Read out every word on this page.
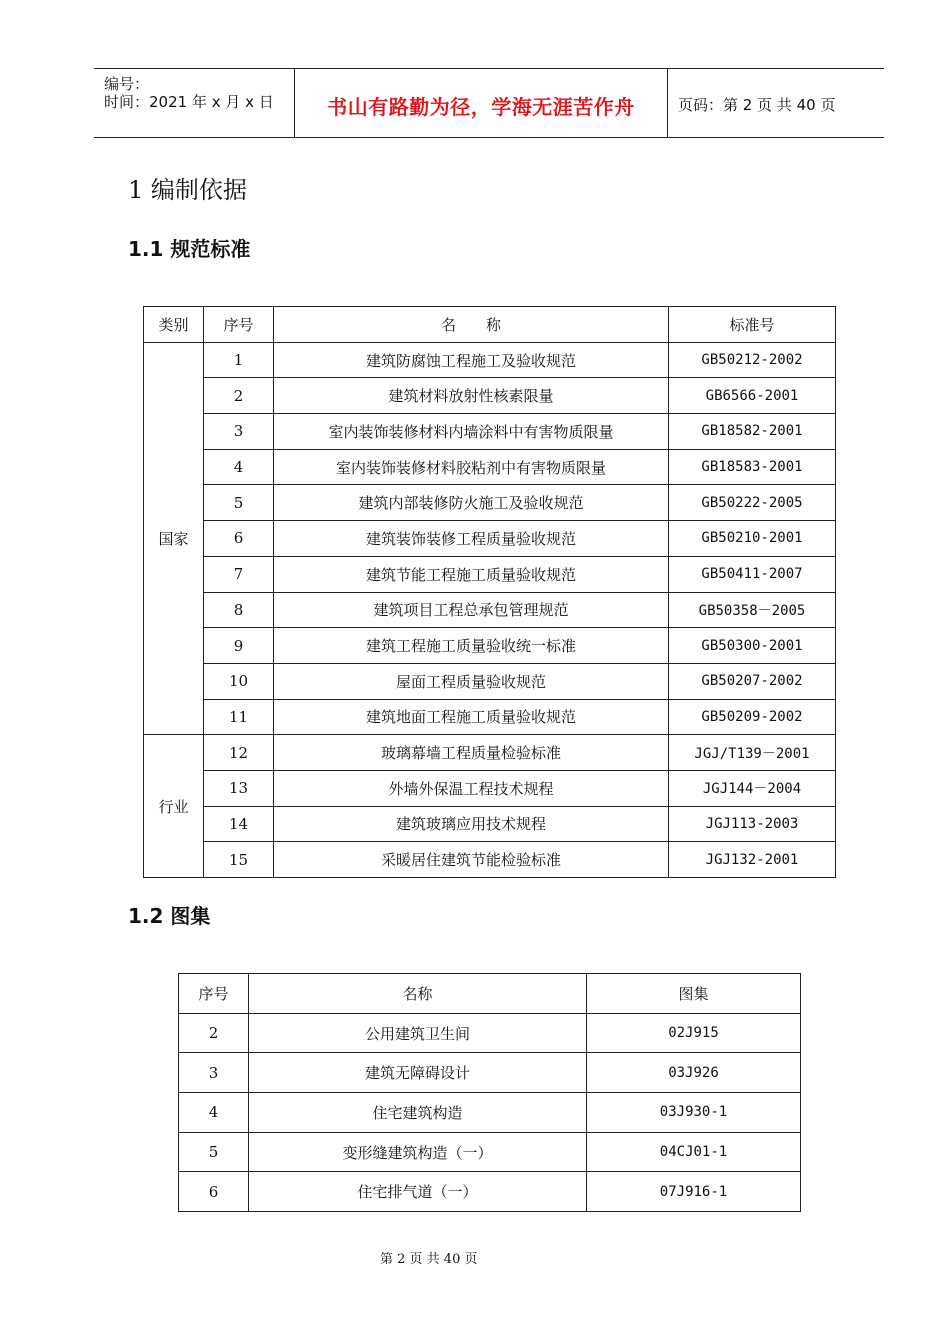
编号：
时间：2021 年 x 月 x 日	书山有路勤为径，学海无涯苦作舟	页码：第 2 页 共 40 页
1 编制依据
1.1 规范标准
类别	序号	名　　称	标准号
国家	1	建筑防腐蚀工程施工及验收规范	GB50212-2002
	2	建筑材料放射性核素限量	GB6566-2001
	3	室内装饰装修材料内墙涂料中有害物质限量	GB18582-2001
	4	室内装饰装修材料胶粘剂中有害物质限量	GB18583-2001
	5	建筑内部装修防火施工及验收规范	GB50222-2005
	6	建筑装饰装修工程质量验收规范	GB50210-2001
	7	建筑节能工程施工质量验收规范	GB50411-2007
	8	建筑项目工程总承包管理规范	GB50358－2005
	9	建筑工程施工质量验收统一标准	GB50300-2001
	10	屋面工程质量验收规范	GB50207-2002
	11	建筑地面工程施工质量验收规范	GB50209-2002
行业	12	玻璃幕墙工程质量检验标准	JGJ/T139－2001
	13	外墙外保温工程技术规程	JGJ144－2004
	14	建筑玻璃应用技术规程	JGJ113-2003
	15	采暖居住建筑节能检验标准	JGJ132-2001
1.2 图集
序号	名称	图集
2	公用建筑卫生间	02J915
3	建筑无障碍设计	03J926
4	住宅建筑构造	03J930-1
5	变形缝建筑构造（一）	04CJ01-1
6	住宅排气道（一）	07J916-1
第 2 页 共 40 页
